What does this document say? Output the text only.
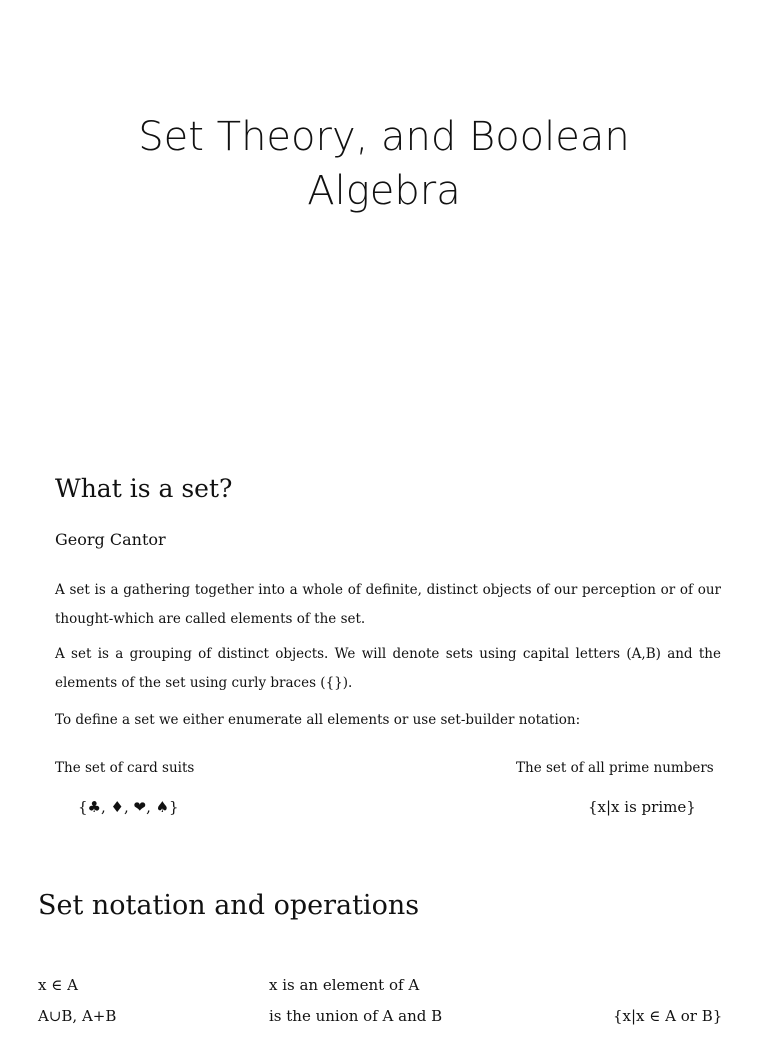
Set Theory, and Boolean
Algebra
What is a set?
Georg Cantor

A set is a gathering together into a whole of definite, distinct objects of our perception or of our thought-which are called elements of the set.

A set is a grouping of distinct objects. We will denote sets using capital letters (A,B) and the elements of the set using curly braces ({}).

To define a set we either enumerate all elements or use set-builder notation:

The set of card suits	The set of all prime numbers
{♣, ♦, ❤, ♠}	{x|x is prime}
Set notation and operations
x ∈ A	x is an element of A
A∪B, A+B	is the union of A and B	{x|x ∈ A or B}
